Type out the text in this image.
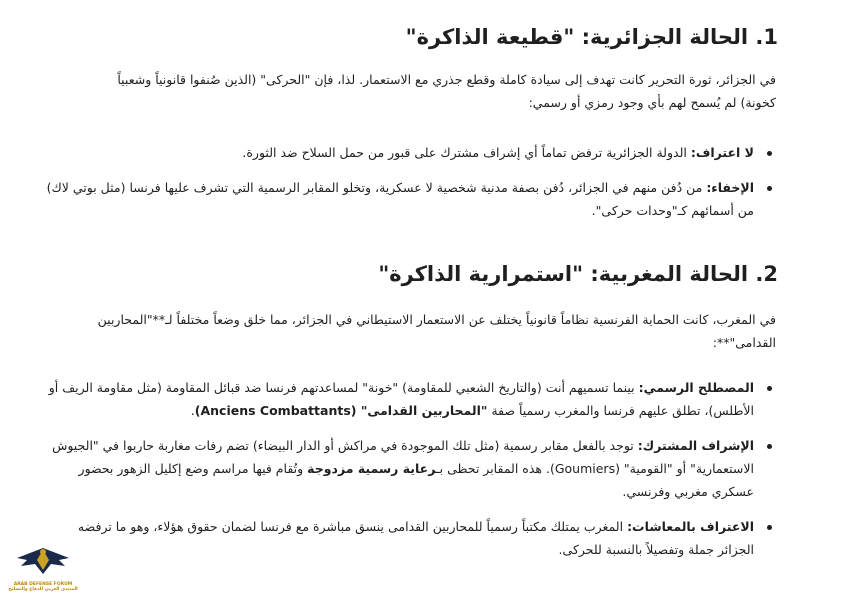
1. الحالة الجزائرية: "قطيعة الذاكرة"

في الجزائر، ثورة التحرير كانت تهدف إلى سيادة كاملة وقطع جذري مع الاستعمار. لذا، فإن "الحركى" (الذين صُنفوا قانونياً وشعبياً كخونة) لم يُسمح لهم بأي وجود رمزي أو رسمي:

لا اعتراف: الدولة الجزائرية ترفض تماماً أي إشراف مشترك على قبور من حمل السلاح ضد الثورة.
الإخفاء: من دُفن منهم في الجزائر، دُفن بصفة مدنية شخصية لا عسكرية، وتخلو المقابر الرسمية التي تشرف عليها فرنسا (مثل بوتي لاك) من أسمائهم كـ"وحدات حركى".
2. الحالة المغربية: "استمرارية الذاكرة"

في المغرب، كانت الحماية الفرنسية نظاماً قانونياً يختلف عن الاستعمار الاستيطاني في الجزائر، مما خلق وضعاً مختلفاً لـ**"المحاربين القدامى"**:

المصطلح الرسمي: بينما تسميهم أنت (والتاريخ الشعبي للمقاومة) "خونة" لمساعدتهم فرنسا ضد قبائل المقاومة (مثل مقاومة الريف أو الأطلس)، تطلق عليهم فرنسا والمغرب رسمياً صفة "المحاربين القدامى" (Anciens Combattants).
الإشراف المشترك: توجد بالفعل مقابر رسمية (مثل تلك الموجودة في مراكش أو الدار البيضاء) تضم رفات مغاربة حاربوا في "الجيوش الاستعمارية" أو "القومية" (Goumiers). هذه المقابر تحظى بـرعاية رسمية مزدوجة وتُقام فيها مراسم وضع إكليل الزهور بحضور عسكري مغربي وفرنسي.
الاعتراف بالمعاشات: المغرب يمتلك مكتباً رسمياً للمحاربين القدامى ينسق مباشرة مع فرنسا لضمان حقوق هؤلاء، وهو ما ترفضه الجزائر جملة وتفصيلاً بالنسبة للحركى.
ARAB DEFENSE FORUM
المنتدى العربي للدفاع والتسليح
